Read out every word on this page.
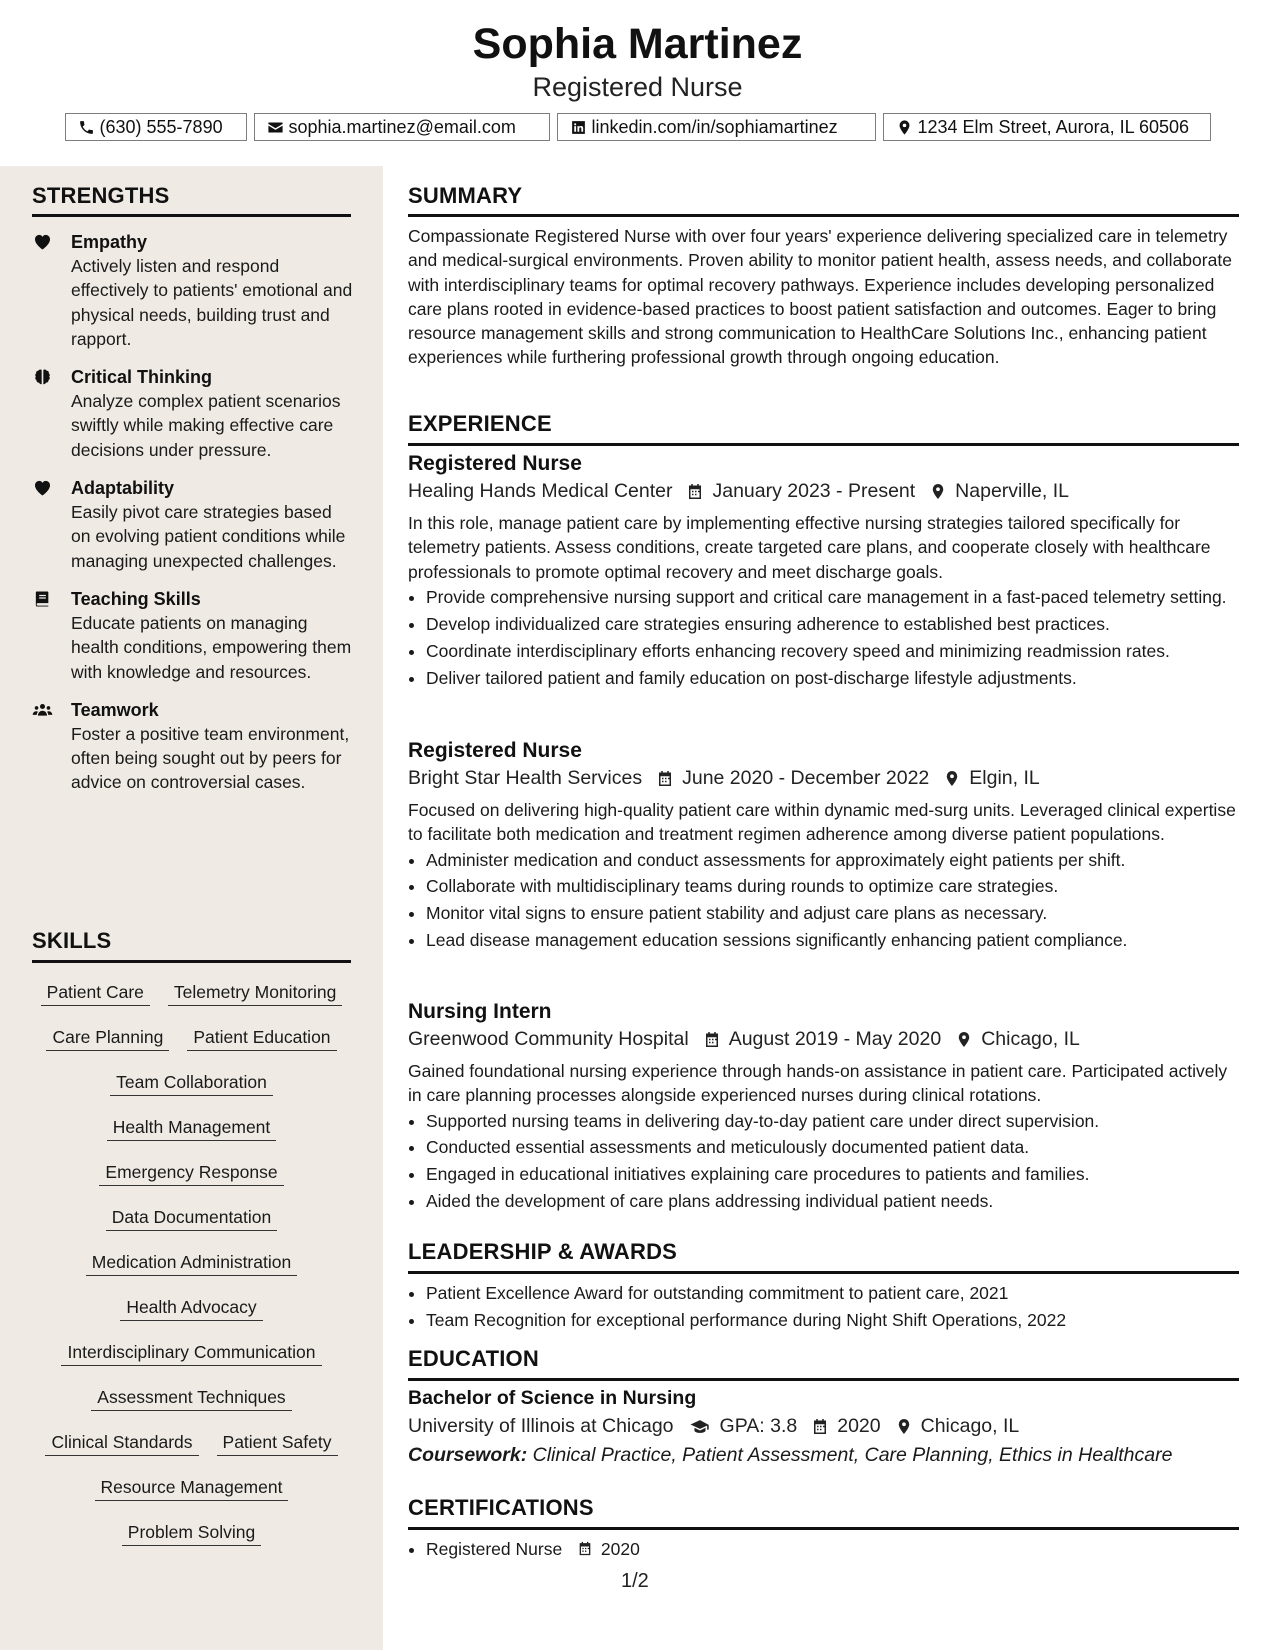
Sophia Martinez
Registered Nurse
(630) 555-7890	sophia.martinez@email.com	linkedin.com/in/sophiamartinez	1234 Elm Street, Aurora, IL 60506
STRENGTHS
Empathy
Actively listen and respond effectively to patients' emotional and physical needs, building trust and rapport.
Critical Thinking
Analyze complex patient scenarios swiftly while making effective care decisions under pressure.
Adaptability
Easily pivot care strategies based on evolving patient conditions while managing unexpected challenges.
Teaching Skills
Educate patients on managing health conditions, empowering them with knowledge and resources.
Teamwork
Foster a positive team environment, often being sought out by peers for advice on controversial cases.
SKILLS
Patient Care	Telemetry Monitoring
Care Planning	Patient Education
Team Collaboration
Health Management
Emergency Response
Data Documentation
Medication Administration
Health Advocacy
Interdisciplinary Communication
Assessment Techniques
Clinical Standards	Patient Safety
Resource Management
Problem Solving
SUMMARY
Compassionate Registered Nurse with over four years' experience delivering specialized care in telemetry and medical-surgical environments. Proven ability to monitor patient health, assess needs, and collaborate with interdisciplinary teams for optimal recovery pathways. Experience includes developing personalized care plans rooted in evidence-based practices to boost patient satisfaction and outcomes. Eager to bring resource management skills and strong communication to HealthCare Solutions Inc., enhancing patient experiences while furthering professional growth through ongoing education.
EXPERIENCE
Registered Nurse
Healing Hands Medical Center January 2023 - Present Naperville, IL
In this role, manage patient care by implementing effective nursing strategies tailored specifically for telemetry patients. Assess conditions, create targeted care plans, and cooperate closely with healthcare professionals to promote optimal recovery and meet discharge goals.
• Provide comprehensive nursing support and critical care management in a fast-paced telemetry setting.
• Develop individualized care strategies ensuring adherence to established best practices.
• Coordinate interdisciplinary efforts enhancing recovery speed and minimizing readmission rates.
• Deliver tailored patient and family education on post-discharge lifestyle adjustments.
Registered Nurse
Bright Star Health Services June 2020 - December 2022 Elgin, IL
Focused on delivering high-quality patient care within dynamic med-surg units. Leveraged clinical expertise to facilitate both medication and treatment regimen adherence among diverse patient populations.
• Administer medication and conduct assessments for approximately eight patients per shift.
• Collaborate with multidisciplinary teams during rounds to optimize care strategies.
• Monitor vital signs to ensure patient stability and adjust care plans as necessary.
• Lead disease management education sessions significantly enhancing patient compliance.
Nursing Intern
Greenwood Community Hospital August 2019 - May 2020 Chicago, IL
Gained foundational nursing experience through hands-on assistance in patient care. Participated actively in care planning processes alongside experienced nurses during clinical rotations.
• Supported nursing teams in delivering day-to-day patient care under direct supervision.
• Conducted essential assessments and meticulously documented patient data.
• Engaged in educational initiatives explaining care procedures to patients and families.
• Aided the development of care plans addressing individual patient needs.
LEADERSHIP & AWARDS
• Patient Excellence Award for outstanding commitment to patient care, 2021
• Team Recognition for exceptional performance during Night Shift Operations, 2022
EDUCATION
Bachelor of Science in Nursing
University of Illinois at Chicago GPA: 3.8 2020 Chicago, IL
Coursework: Clinical Practice, Patient Assessment, Care Planning, Ethics in Healthcare
CERTIFICATIONS
• Registered Nurse 2020
1/2
